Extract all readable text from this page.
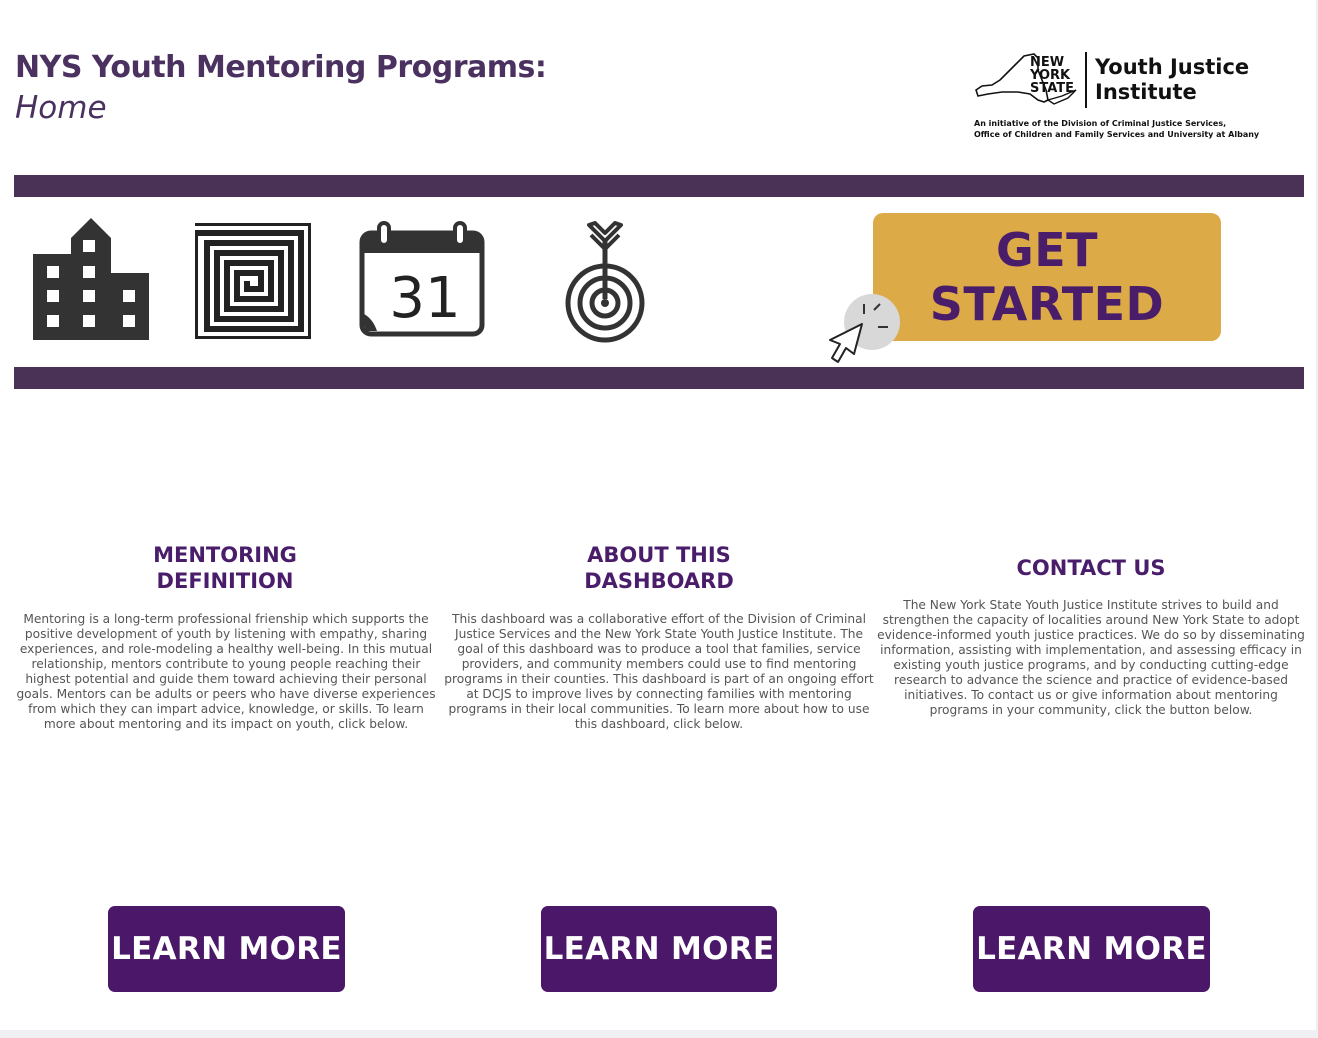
NYS Youth Mentoring Programs:
Home
NEW
YORK
STATE
Youth Justice
Institute
An initiative of the Division of Criminal Justice Services,
Office of Children and Family Services and University at Albany
31
GET STARTED
MENTORING
DEFINITION
Mentoring is a long-term professional frienship which supports the positive development of youth by listening with empathy, sharing experiences, and role-modeling a healthy well-being. In this mutual relationship, mentors contribute to young people reaching their highest potential and guide them toward achieving their personal goals. Mentors can be adults or peers who have diverse experiences from which they can impart advice, knowledge, or skills. To learn more about mentoring and its impact on youth, click below.
ABOUT THIS
DASHBOARD
This dashboard was a collaborative effort of the Division of Criminal Justice Services and the New York State Youth Justice Institute. The goal of this dashboard was to produce a tool that families, service providers, and community members could use to find mentoring programs in their counties. This dashboard is part of an ongoing effort at DCJS to improve lives by connecting families with mentoring programs in their local communities. To learn more about how to use this dashboard, click below.
CONTACT US
The New York State Youth Justice Institute strives to build and strengthen the capacity of localities around New York State to adopt evidence-informed youth justice practices. We do so by disseminating information, assisting with implementation, and assessing efficacy in existing youth justice programs, and by conducting cutting-edge research to advance the science and practice of evidence-based initiatives. To contact us or give information about mentoring programs in your community, click the button below.
LEARN MORE	LEARN MORE	LEARN MORE
